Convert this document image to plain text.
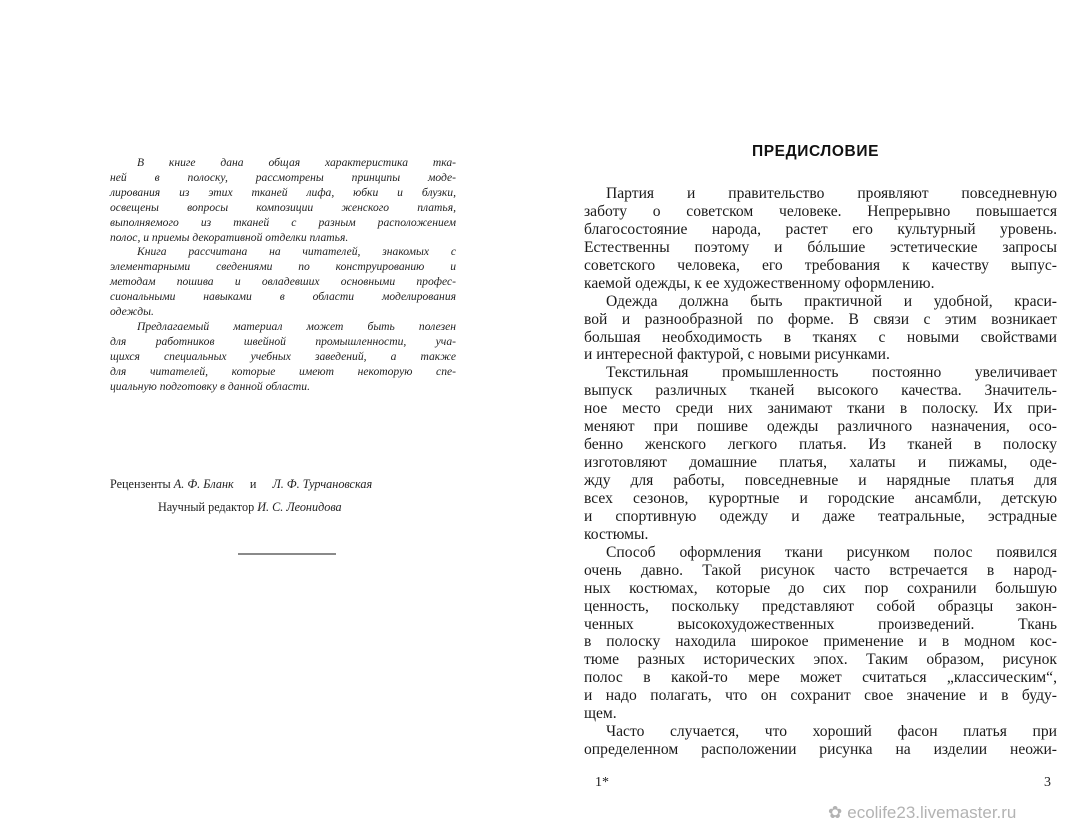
В книге дана общая характеристика тка-
ней в полоску, рассмотрены принципы моде-
лирования из этих тканей лифа, юбки и блузки,
освещены вопросы композиции женского платья,
выполняемого из тканей с разным расположением
полос, и приемы декоративной отделки платья.
Книга рассчитана на читателей, знакомых с
элементарными сведениями по конструированию и
методам пошива и овладевших основными профес-
сиональными навыками в области моделирования
одежды.
Предлагаемый материал может быть полезен
для работников швейной промышленности, уча-
щихся специальных учебных заведений, а также
для читателей, которые имеют некоторую спе-
циальную подготовку в данной области.
Рецензенты А. Ф. Бланк и Л. Ф. Турчановская
Научный редактор И. С. Леонидова
1*
ПРЕДИСЛОВИЕ
Партия и правительство проявляют повседневную
заботу о советском человеке. Непрерывно повышается
благосостояние народа, растет его культурный уровень.
Естественны поэтому и бóльшие эстетические запросы
советского человека, его требования к качеству выпус-
каемой одежды, к ее художественному оформлению.
Одежда должна быть практичной и удобной, краси-
вой и разнообразной по форме. В связи с этим возникает
большая необходимость в тканях с новыми свойствами
и интересной фактурой, с новыми рисунками.
Текстильная промышленность постоянно увеличивает
выпуск различных тканей высокого качества. Значитель-
ное место среди них занимают ткани в полоску. Их при-
меняют при пошиве одежды различного назначения, осо-
бенно женского легкого платья. Из тканей в полоску
изготовляют домашние платья, халаты и пижамы, оде-
жду для работы, повседневные и нарядные платья для
всех сезонов, курортные и городские ансамбли, детскую
и спортивную одежду и даже театральные, эстрадные
костюмы.
Способ оформления ткани рисунком полос появился
очень давно. Такой рисунок часто встречается в народ-
ных костюмах, которые до сих пор сохранили большую
ценность, поскольку представляют собой образцы закон-
ченных высокохудожественных произведений. Ткань
в полоску находила широкое применение и в модном кос-
тюме разных исторических эпох. Таким образом, рисунок
полос в какой-то мере может считаться „классическим“,
и надо полагать, что он сохранит свое значение и в буду-
щем.
Часто случается, что хороший фасон платья при
определенном расположении рисунка на изделии неожи-
3
✿ ecolife23.livemaster.ru
